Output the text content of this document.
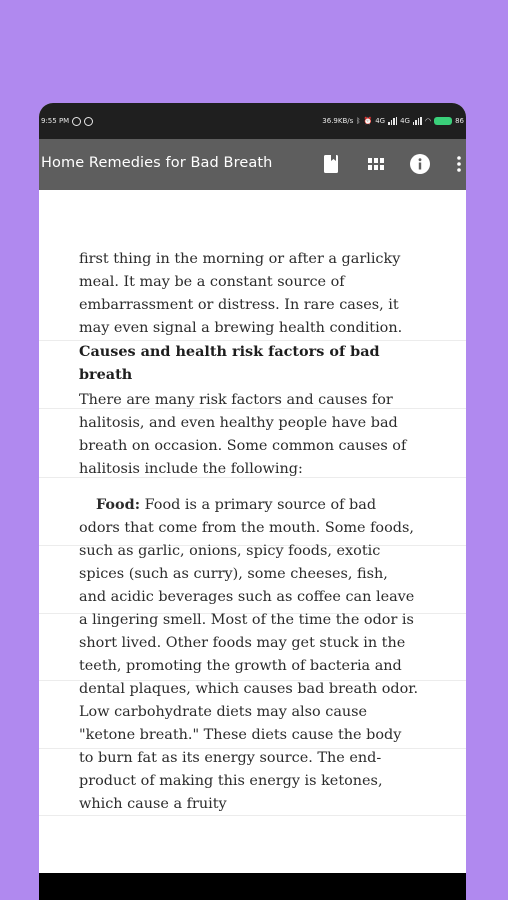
9:55 PM	36.9KB/s ᛒ ⏰ 4G 4G ◠	86
Home Remedies for Bad Breath

first thing in the morning or after a garlicky meal. It may be a constant source of embarrassment or distress. In rare cases, it may even signal a brewing health condition.

Causes and health risk factors of bad breath

There are many risk factors and causes for halitosis, and even healthy people have bad breath on occasion. Some common causes of halitosis include the following:

Food: Food is a primary source of bad odors that come from the mouth. Some foods, such as garlic, onions, spicy foods, exotic spices (such as curry), some cheeses, fish, and acidic beverages such as coffee can leave a lingering smell. Most of the time the odor is short lived. Other foods may get stuck in the teeth, promoting the growth of bacteria and dental plaques, which causes bad breath odor. Low carbohydrate diets may also cause "ketone breath." These diets cause the body to burn fat as its energy source. The end-product of making this energy is ketones, which cause a fruity
